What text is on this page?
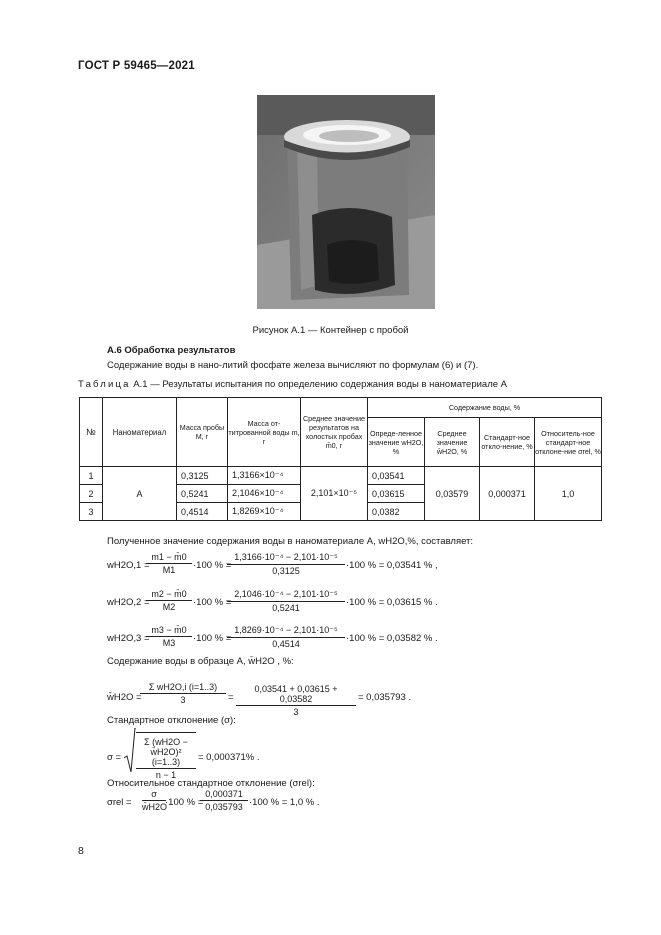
ГОСТ Р 59465—2021
Рисунок А.1 — Контейнер с пробой
А.6 Обработка результатов
Содержание воды в нано-литий фосфате железа вычисляют по формулам (6) и (7).
Таблица А.1 — Результаты испытания по определению содержания воды в наноматериале А
№	Наноматериал	Масса пробы M, г	Масса от-титрованной воды m, г	Среднее значение результатов на холостых пробах m̄0, г	Содержание воды, %			
					Опреде-ленное значение wH2O, %	Среднее значение w̄H2O, %	Стандарт-ное откло-нение, %	Относитель-ное стандарт-ное отклоне-ние σrel, %
1	А	0,3125	1,3166×10⁻⁴	2,101×10⁻⁵	0,03541	0,03579	0,000371	1,0
2		0,5241	2,1046×10⁻⁴		0,03615			
3		0,4514	1,8269×10⁻⁴		0,0382			
Полученное значение содержания воды в наноматериале А, wH2O,%, составляет:
wH2O,1 =
$\frac{m1 - m̄0}{M1} \cdot 100$ % =
$\frac{\text{1,3166·10⁻⁴ − 2,101·10⁻⁵}}{0,3125} \cdot 100$ % = 0,03541 % ,
wH2O,2 =
$\frac{m2 - m̄0}{M2} \cdot 100$ % =
$\frac{\text{2,1046·10⁻⁴ − 2,101·10⁻⁵}}{0,5241} \cdot 100$ % = 0,03615 % .
wH2O,3 =
$\frac{m3 - m̄0}{M3} \cdot 100$ % =
$\frac{\text{1,8269·10⁻⁴ − 2,101·10⁻⁵}}{0,4514} \cdot 100$ % = 0,03582 % .
Содержание воды в образце А, w̄H2O , %:
w̄H2O =
$\frac{\text{Σ wH2O,i (i=1..3)}}{3} = \frac{0,03541 + 0,03615 + 0,03582}{3} = 0,035793$ .
Стандартное отклонение (σ):
$\sigma = \frac{\text{Σ (wH2O − w̄H2O)² (i=1..3)}}{n - 1} = 0,000371\%$ .
Относительное стандартное отклонение (σrel):
$\sigma rel = \frac{\sigma}{w̄H2O} \cdot 100$ % =
$\frac{0,000371}{0,035793} \cdot 100$ % = 1,0 % .
8
